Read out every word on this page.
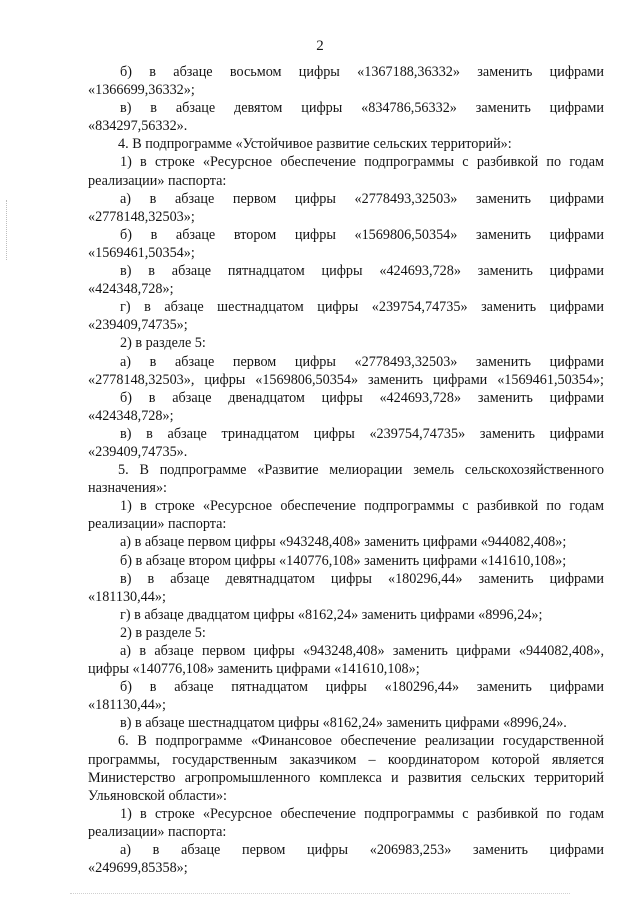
2
б) в абзаце восьмом цифры «1367188,36332» заменить цифрами
«1366699,36332»;
в) в абзаце девятом цифры «834786,56332» заменить цифрами
«834297,56332».
4. В подпрограмме «Устойчивое развитие сельских территорий»:
1) в строке «Ресурсное обеспечение подпрограммы с разбивкой по годам
реализации» паспорта:
а) в абзаце первом цифры «2778493,32503» заменить цифрами
«2778148,32503»;
б) в абзаце втором цифры «1569806,50354» заменить цифрами
«1569461,50354»;
в) в абзаце пятнадцатом цифры «424693,728» заменить цифрами
«424348,728»;
г) в абзаце шестнадцатом цифры «239754,74735» заменить цифрами
«239409,74735»;
2) в разделе 5:
а) в абзаце первом цифры «2778493,32503» заменить цифрами
«2778148,32503», цифры «1569806,50354» заменить цифрами «1569461,50354»;
б) в абзаце двенадцатом цифры «424693,728» заменить цифрами
«424348,728»;
в) в абзаце тринадцатом цифры «239754,74735» заменить цифрами
«239409,74735».
5. В подпрограмме «Развитие мелиорации земель сельскохозяйственного
назначения»:
1) в строке «Ресурсное обеспечение подпрограммы с разбивкой по годам
реализации» паспорта:
а) в абзаце первом цифры «943248,408» заменить цифрами «944082,408»;
б) в абзаце втором цифры «140776,108» заменить цифрами «141610,108»;
в) в абзаце девятнадцатом цифры «180296,44» заменить цифрами
«181130,44»;
г) в абзаце двадцатом цифры «8162,24» заменить цифрами «8996,24»;
2) в разделе 5:
а) в абзаце первом цифры «943248,408» заменить цифрами «944082,408»,
цифры «140776,108» заменить цифрами «141610,108»;
б) в абзаце пятнадцатом цифры «180296,44» заменить цифрами
«181130,44»;
в) в абзаце шестнадцатом цифры «8162,24» заменить цифрами «8996,24».
6. В подпрограмме «Финансовое обеспечение реализации государственной
программы, государственным заказчиком – координатором которой является
Министерство агропромышленного комплекса и развития сельских территорий
Ульяновской области»:
1) в строке «Ресурсное обеспечение подпрограммы с разбивкой по годам
реализации» паспорта:
а) в абзаце первом цифры «206983,253» заменить цифрами
«249699,85358»;
